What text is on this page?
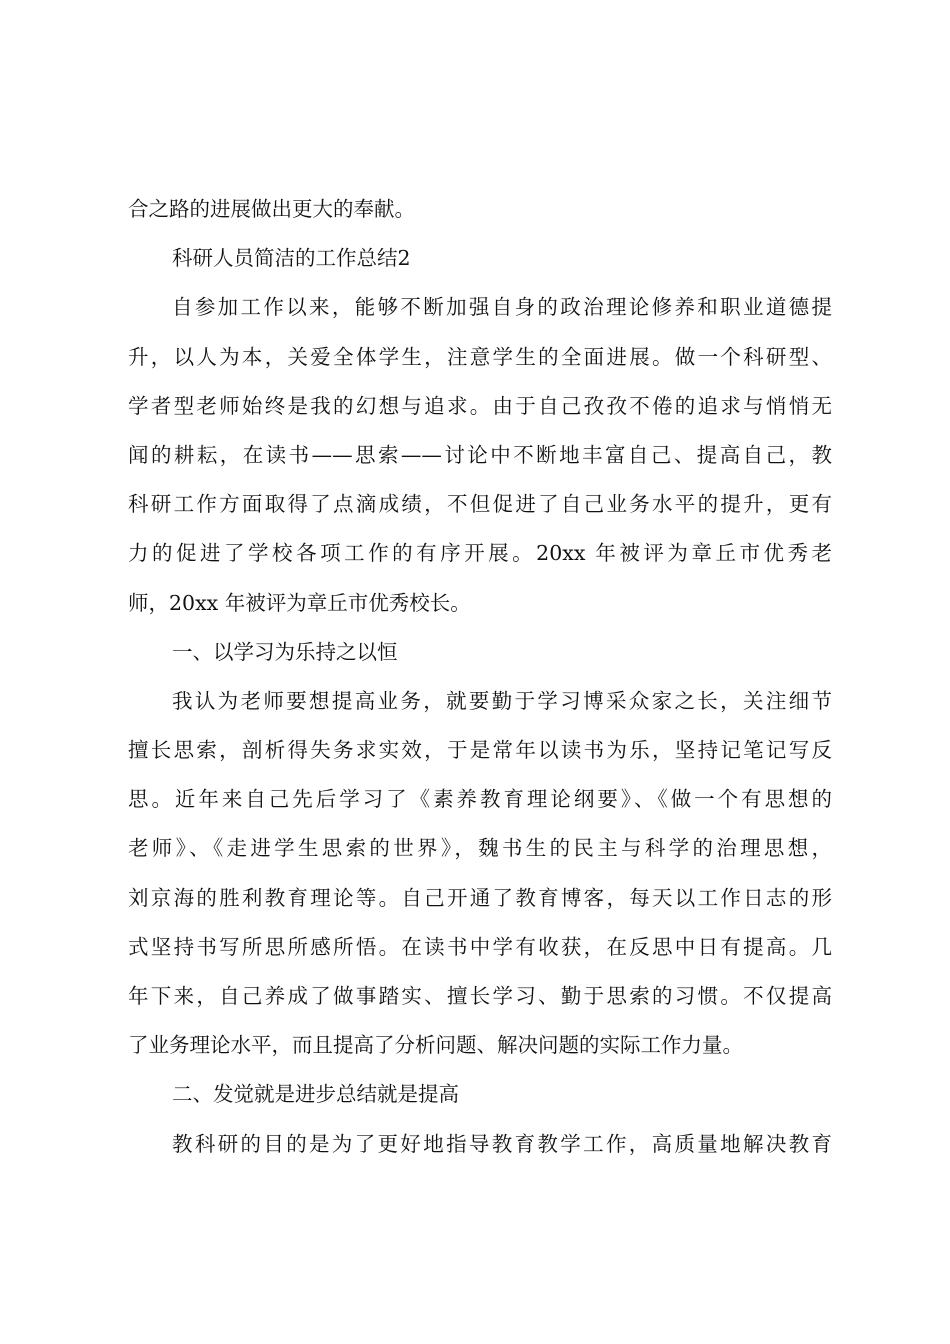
合之路的进展做出更大的奉献。
科研人员简洁的工作总结2
自参加工作以来，能够不断加强自身的政治理论修养和职业道德提
升，以人为本，关爱全体学生，注意学生的全面进展。做一个科研型、
学者型老师始终是我的幻想与追求。由于自己孜孜不倦的追求与悄悄无
闻的耕耘，在读书——思索——讨论中不断地丰富自己、提高自己，教
科研工作方面取得了点滴成绩，不但促进了自己业务水平的提升，更有
力的促进了学校各项工作的有序开展。20xx 年被评为章丘市优秀老
师，20xx 年被评为章丘市优秀校长。
一、以学习为乐持之以恒
我认为老师要想提高业务，就要勤于学习博采众家之长，关注细节
擅长思索，剖析得失务求实效，于是常年以读书为乐，坚持记笔记写反
思。近年来自己先后学习了《素养教育理论纲要》、《做一个有思想的
老师》、《走进学生思索的世界》，魏书生的民主与科学的治理思想，
刘京海的胜利教育理论等。自己开通了教育博客，每天以工作日志的形
式坚持书写所思所感所悟。在读书中学有收获，在反思中日有提高。几
年下来，自己养成了做事踏实、擅长学习、勤于思索的习惯。不仅提高
了业务理论水平，而且提高了分析问题、解决问题的实际工作力量。
二、发觉就是进步总结就是提高
教科研的目的是为了更好地指导教育教学工作，高质量地解决教育
